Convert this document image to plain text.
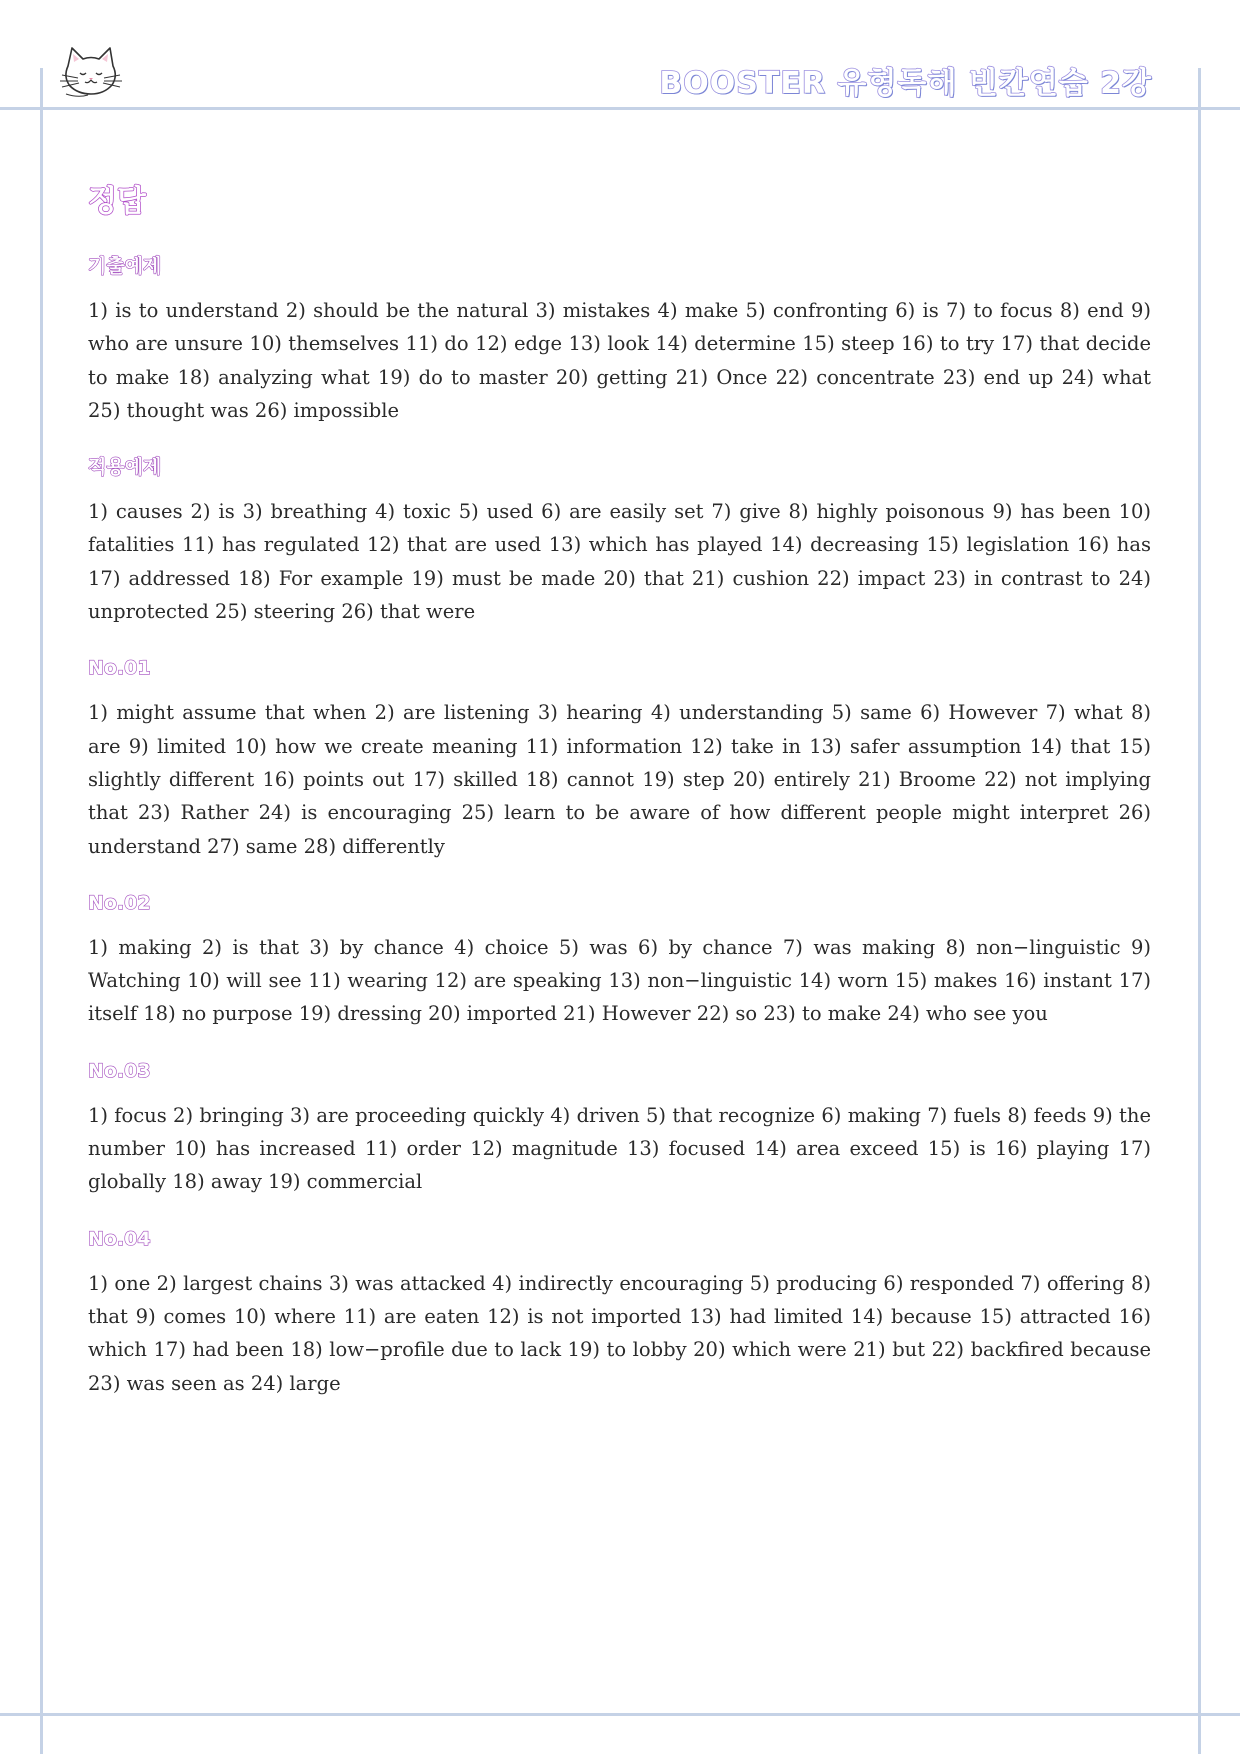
BOOSTER 유형독해 빈칸연습 2강
정답
기출예제

1) is to understand 2) should be the natural 3) mistakes 4) make 5) confronting 6) is 7) to focus 8) end 9) who are unsure 10) themselves 11) do 12) edge 13) look 14) determine 15) steep 16) to try 17) that decide to make 18) analyzing what 19) do to master 20) getting 21) Once 22) concentrate 23) end up 24) what 25) thought was 26) impossible

적용예제

1) causes 2) is 3) breathing 4) toxic 5) used 6) are easily set 7) give 8) highly poisonous 9) has been 10) fatalities 11) has regulated 12) that are used 13) which has played 14) decreasing 15) legislation 16) has 17) addressed 18) For example 19) must be made 20) that 21) cushion 22) impact 23) in contrast to 24) unprotected 25) steering 26) that were

No.01

1) might assume that when 2) are listening 3) hearing 4) understanding 5) same 6) However 7) what 8) are 9) limited 10) how we create meaning 11) information 12) take in 13) safer assumption 14) that 15) slightly different 16) points out 17) skilled 18) cannot 19) step 20) entirely 21) Broome 22) not implying that 23) Rather 24) is encouraging 25) learn to be aware of how different people might interpret 26) understand 27) same 28) differently

No.02

1) making 2) is that 3) by chance 4) choice 5) was 6) by chance 7) was making 8) non−linguistic 9) Watching 10) will see 11) wearing 12) are speaking 13) non−linguistic 14) worn 15) makes 16) instant 17) itself 18) no purpose 19) dressing 20) imported 21) However 22) so 23) to make 24) who see you

No.03

1) focus 2) bringing 3) are proceeding quickly 4) driven 5) that recognize 6) making 7) fuels 8) feeds 9) the number 10) has increased 11) order 12) magnitude 13) focused 14) area exceed 15) is 16) playing 17) globally 18) away 19) commercial

No.04

1) one 2) largest chains 3) was attacked 4) indirectly encouraging 5) producing 6) responded 7) offering 8) that 9) comes 10) where 11) are eaten 12) is not imported 13) had limited 14) because 15) attracted 16) which 17) had been 18) low−profile due to lack 19) to lobby 20) which were 21) but 22) backfired because 23) was seen as 24) large
